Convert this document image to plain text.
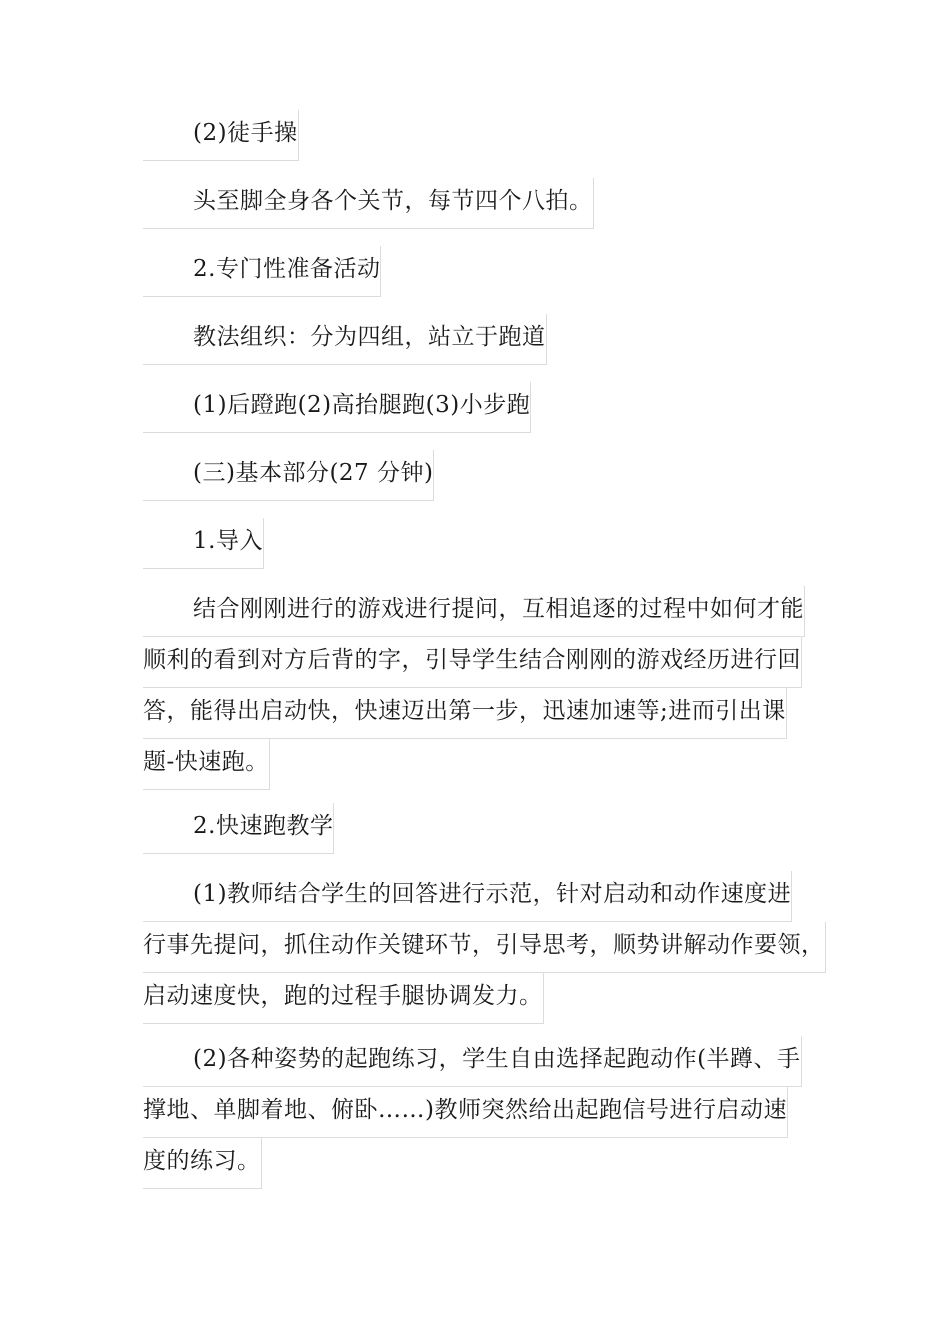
(2)徒手操
头至脚全身各个关节，每节四个八拍。
2.专门性准备活动
教法组织：分为四组，站立于跑道
(1)后蹬跑(2)高抬腿跑(3)小步跑
(三)基本部分(27 分钟)
1.导入
结合刚刚进行的游戏进行提问，互相追逐的过程中如何才能
顺利的看到对方后背的字，引导学生结合刚刚的游戏经历进行回
答，能得出启动快，快速迈出第一步，迅速加速等;进而引出课
题-快速跑。
2.快速跑教学
(1)教师结合学生的回答进行示范，针对启动和动作速度进
行事先提问，抓住动作关键环节，引导思考，顺势讲解动作要领，
启动速度快，跑的过程手腿协调发力。
(2)各种姿势的起跑练习，学生自由选择起跑动作(半蹲、手
撑地、单脚着地、俯卧……)教师突然给出起跑信号进行启动速
度的练习。
